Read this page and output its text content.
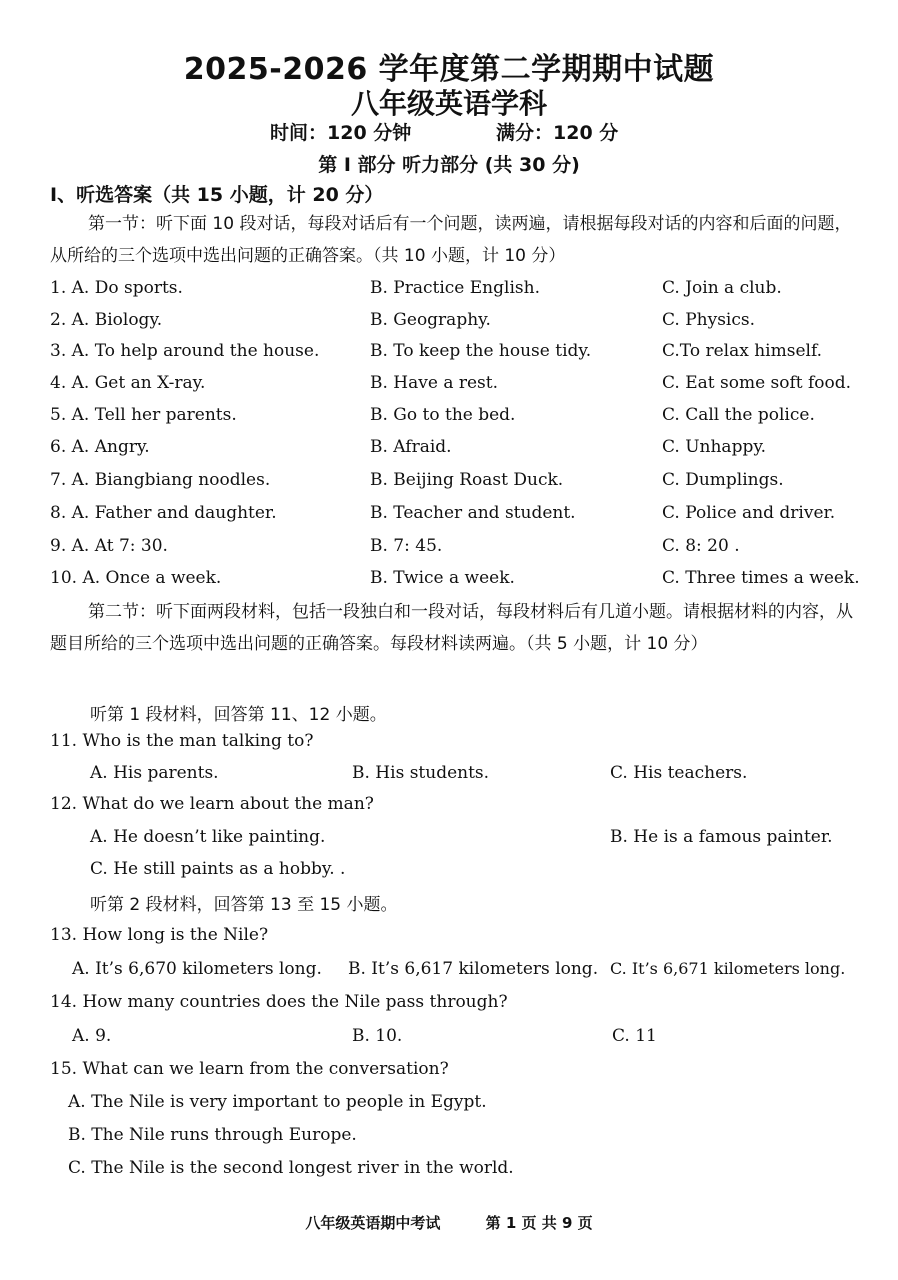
2025-2026 学年度第二学期期中试题
八年级英语学科
时间：120 分钟	满分：120 分
第 I 部分 听力部分 (共 30 分)
I、听选答案（共 15 小题，计 20 分）
第一节：听下面 10 段对话，每段对话后有一个问题，读两遍，请根据每段对话的内容和后面的问题，从所给的三个选项中选出问题的正确答案。（共 10 小题，计 10 分）
1. A. Do sports.	B. Practice English.	C. Join a club.
2. A. Biology.	B. Geography.	C. Physics.
3. A. To help around the house.	B. To keep the house tidy.	C.To relax himself.
4. A. Get an X-ray.	B. Have a rest.	C. Eat some soft food.
5. A. Tell her parents.	B. Go to the bed.	C. Call the police.
6. A. Angry.	B. Afraid.	C. Unhappy.
7. A. Biangbiang noodles.	B. Beijing Roast Duck.	C. Dumplings.
8. A. Father and daughter.	B. Teacher and student.	C. Police and driver.
9. A. At 7: 30.	B. 7: 45.	C. 8: 20 .
10. A. Once a week.	B. Twice a week.	C. Three times a week.
第二节：听下面两段材料，包括一段独白和一段对话，每段材料后有几道小题。请根据材料的内容，从题目所给的三个选项中选出问题的正确答案。每段材料读两遍。（共 5 小题，计 10 分）
听第 1 段材料，回答第 11、12 小题。
11. Who is the man talking to?
A. His parents.	B. His students.	C. His teachers.
12. What do we learn about the man?
A. He doesn’t like painting.	B. He is a famous painter.
C. He still paints as a hobby. .
听第 2 段材料，回答第 13 至 15 小题。
13. How long is the Nile?
A. It’s 6,670 kilometers long. B. It’s 6,617 kilometers long. C. It’s 6,671 kilometers long.
14. How many countries does the Nile pass through?
A. 9.	B. 10.	C. 11
15. What can we learn from the conversation?
A. The Nile is very important to people in Egypt.
B. The Nile runs through Europe.
C. The Nile is the second longest river in the world.
八年级英语期中考试	第 1 页 共 9 页
